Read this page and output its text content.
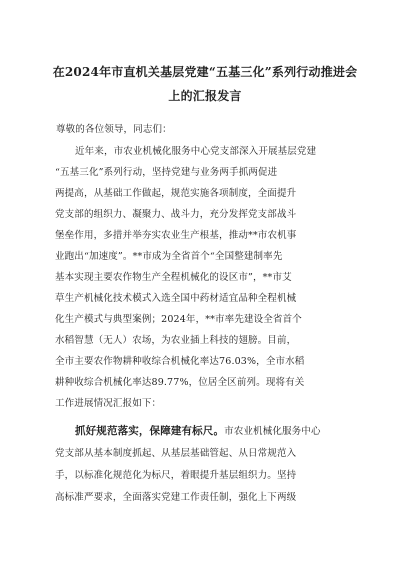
在2024年市直机关基层党建“五基三化”系列行动推进会
上的汇报发言
尊敬的各位领导，同志们：
近年来，市农业机械化服务中心党支部深入开展基层党建
“五基三化”系列行动，坚持党建与业务两手抓两促进
两提高，从基础工作做起，规范实施各项制度，全面提升
党支部的组织力、凝聚力、战斗力，充分发挥党支部战斗
堡垒作用，多措并举夯实农业生产根基，推动**市农机事
业跑出“加速度”。**市成为全省首个“全国整建制率先
基本实现主要农作物生产全程机械化的设区市”，**市艾
草生产机械化技术模式入选全国中药材适宜品种全程机械
化生产模式与典型案例；2024年，**市率先建设全省首个
水稻智慧（无人）农场，为农业插上科技的翅膀。目前，
全市主要农作物耕种收综合机械化率达76.03%，全市水稻
耕种收综合机械化率达89.77%，位居全区前列。现将有关
工作进展情况汇报如下：
抓好规范落实，保障建有标尺。市农业机械化服务中心
党支部从基本制度抓起、从基层基础管起、从日常规范入
手，以标准化规范化为标尺，着眼提升基层组织力。坚持
高标准严要求，全面落实党建工作责任制，强化上下两级
